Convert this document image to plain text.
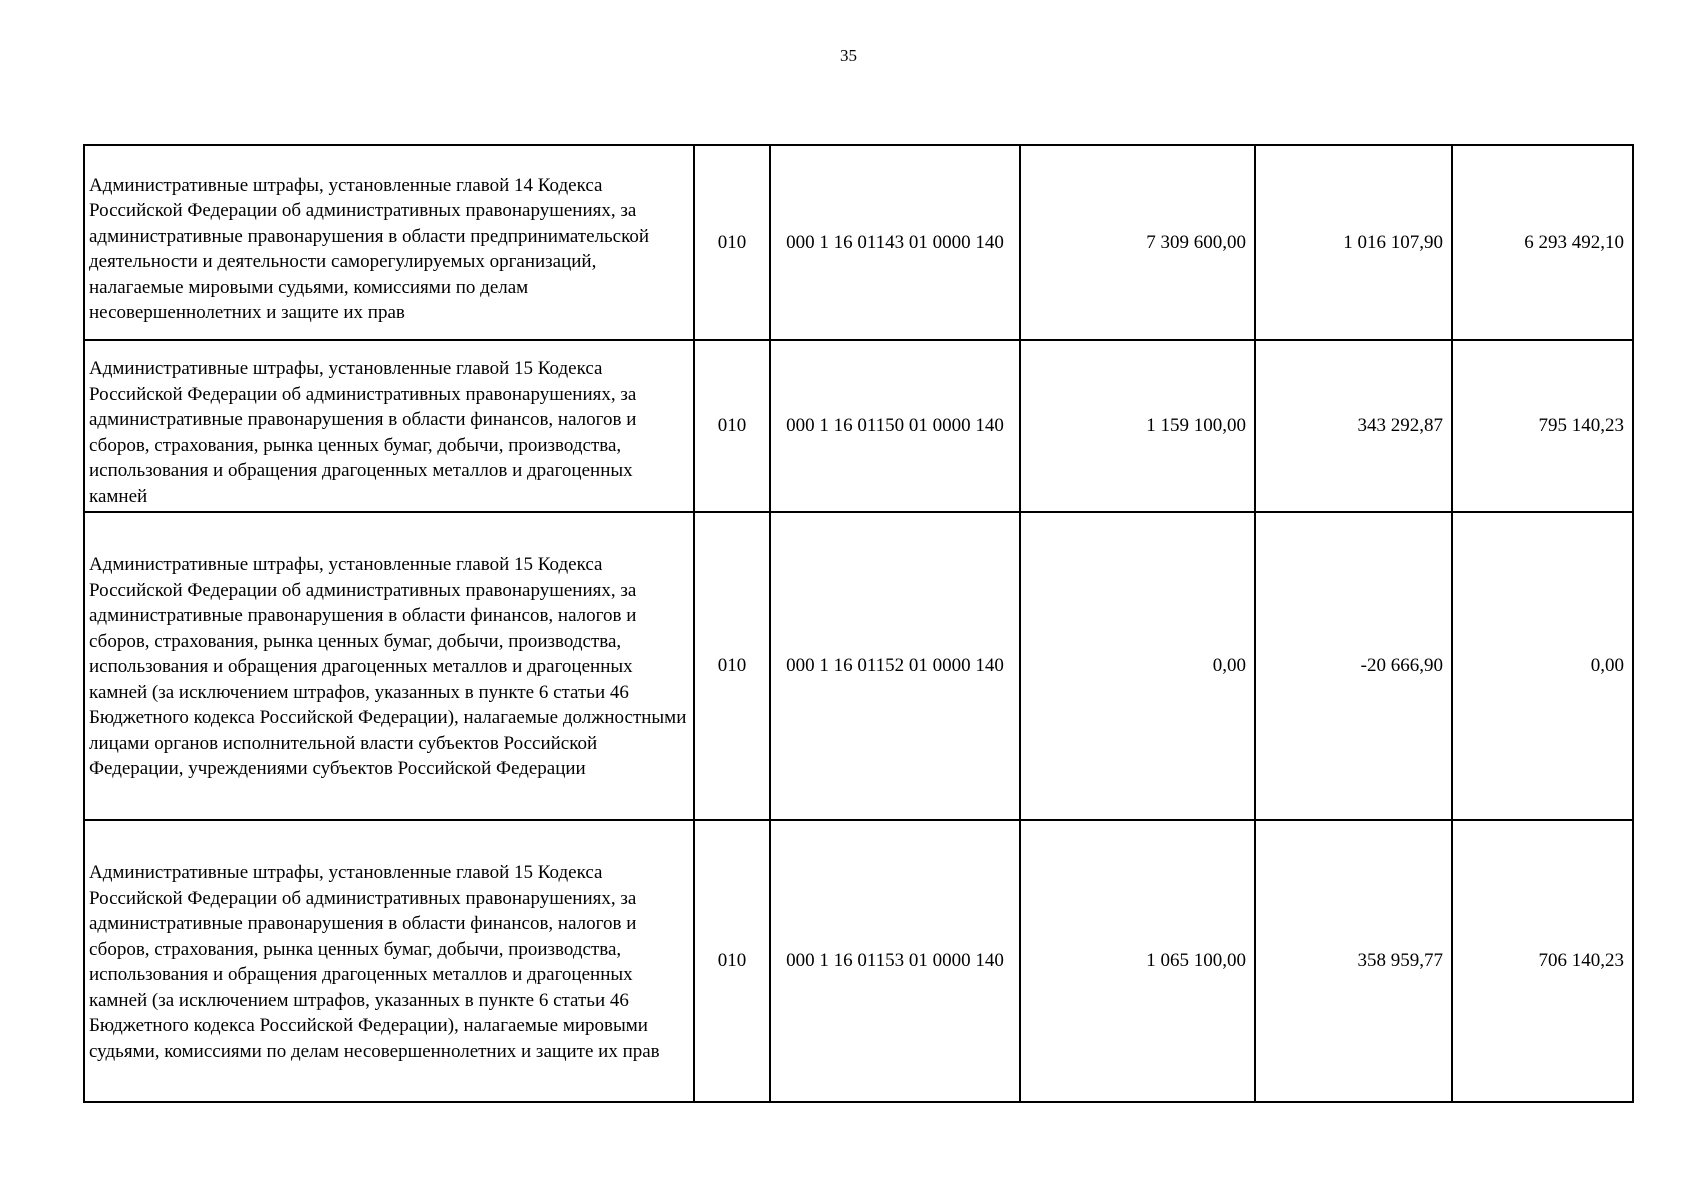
35
Административные штрафы, установленные главой 14 Кодекса Российской Федерации об административных правонарушениях, за административные правонарушения в области предпринимательской деятельности и деятельности саморегулируемых организаций, налагаемые мировыми судьями, комиссиями по делам несовершеннолетних и защите их прав	010	000 1 16 01143 01 0000 140	7 309 600,00	1 016 107,90	6 293 492,10
Административные штрафы, установленные главой 15 Кодекса Российской Федерации об административных правонарушениях, за административные правонарушения в области финансов, налогов и сборов, страхования, рынка ценных бумаг, добычи, производства, использования и обращения драгоценных металлов и драгоценных камней	010	000 1 16 01150 01 0000 140	1 159 100,00	343 292,87	795 140,23
Административные штрафы, установленные главой 15 Кодекса Российской Федерации об административных правонарушениях, за административные правонарушения в области финансов, налогов и сборов, страхования, рынка ценных бумаг, добычи, производства, использования и обращения драгоценных металлов и драгоценных камней (за исключением штрафов, указанных в пункте 6 статьи 46 Бюджетного кодекса Российской Федерации), налагаемые должностными лицами органов исполнительной власти субъектов Российской Федерации, учреждениями субъектов Российской Федерации	010	000 1 16 01152 01 0000 140	0,00	-20 666,90	0,00
Административные штрафы, установленные главой 15 Кодекса Российской Федерации об административных правонарушениях, за административные правонарушения в области финансов, налогов и сборов, страхования, рынка ценных бумаг, добычи, производства, использования и обращения драгоценных металлов и драгоценных камней (за исключением штрафов, указанных в пункте 6 статьи 46 Бюджетного кодекса Российской Федерации), налагаемые мировыми судьями, комиссиями по делам несовершеннолетних и защите их прав	010	000 1 16 01153 01 0000 140	1 065 100,00	358 959,77	706 140,23
